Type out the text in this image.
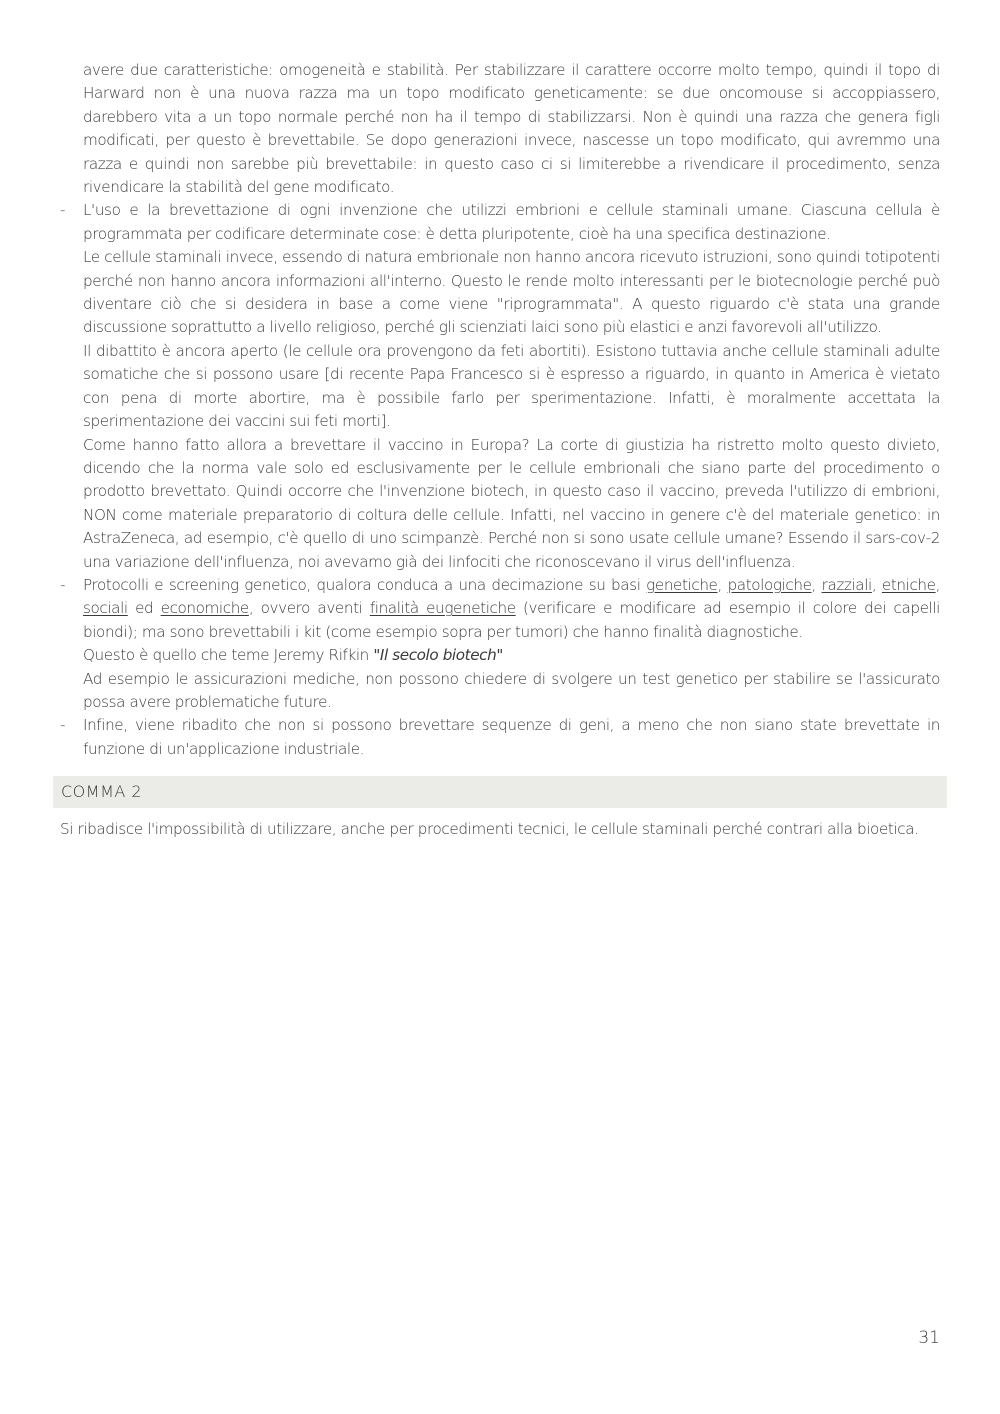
avere due caratteristiche: omogeneità e stabilità. Per stabilizzare il carattere occorre molto tempo, quindi il topo di Harward non è una nuova razza ma un topo modificato geneticamente: se due oncomouse si accoppiassero, darebbero vita a un topo normale perché non ha il tempo di stabilizzarsi. Non è quindi una razza che genera figli modificati, per questo è brevettabile. Se dopo generazioni invece, nascesse un topo modificato, qui avremmo una razza e quindi non sarebbe più brevettabile: in questo caso ci si limiterebbe a rivendicare il procedimento, senza rivendicare la stabilità del gene modificato.

- L'uso e la brevettazione di ogni invenzione che utilizzi embrioni e cellule staminali umane. Ciascuna cellula è programmata per codificare determinate cose: è detta pluripotente, cioè ha una specifica destinazione.

Le cellule staminali invece, essendo di natura embrionale non hanno ancora ricevuto istruzioni, sono quindi totipotenti perché non hanno ancora informazioni all'interno. Questo le rende molto interessanti per le biotecnologie perché può diventare ciò che si desidera in base a come viene "riprogrammata". A questo riguardo c'è stata una grande discussione soprattutto a livello religioso, perché gli scienziati laici sono più elastici e anzi favorevoli all'utilizzo.

Il dibattito è ancora aperto (le cellule ora provengono da feti abortiti). Esistono tuttavia anche cellule staminali adulte somatiche che si possono usare [di recente Papa Francesco si è espresso a riguardo, in quanto in America è vietato con pena di morte abortire, ma è possibile farlo per sperimentazione. Infatti, è moralmente accettata la sperimentazione dei vaccini sui feti morti].

Come hanno fatto allora a brevettare il vaccino in Europa? La corte di giustizia ha ristretto molto questo divieto, dicendo che la norma vale solo ed esclusivamente per le cellule embrionali che siano parte del procedimento o prodotto brevettato. Quindi occorre che l'invenzione biotech, in questo caso il vaccino, preveda l'utilizzo di embrioni, NON come materiale preparatorio di coltura delle cellule. Infatti, nel vaccino in genere c'è del materiale genetico: in AstraZeneca, ad esempio, c'è quello di uno scimpanzè. Perché non si sono usate cellule umane? Essendo il sars-cov-2 una variazione dell'influenza, noi avevamo già dei linfociti che riconoscevano il virus dell'influenza.

- Protocolli e screening genetico, qualora conduca a una decimazione su basi genetiche, patologiche, razziali, etniche, sociali ed economiche, ovvero aventi finalità eugenetiche (verificare e modificare ad esempio il colore dei capelli biondi); ma sono brevettabili i kit (come esempio sopra per tumori) che hanno finalità diagnostiche.

Questo è quello che teme Jeremy Rifkin "Il secolo biotech"

Ad esempio le assicurazioni mediche, non possono chiedere di svolgere un test genetico per stabilire se l'assicurato possa avere problematiche future.

- Infine, viene ribadito che non si possono brevettare sequenze di geni, a meno che non siano state brevettate in funzione di un'applicazione industriale.

COMMA 2

Si ribadisce l'impossibilità di utilizzare, anche per procedimenti tecnici, le cellule staminali perché contrari alla bioetica.

31
